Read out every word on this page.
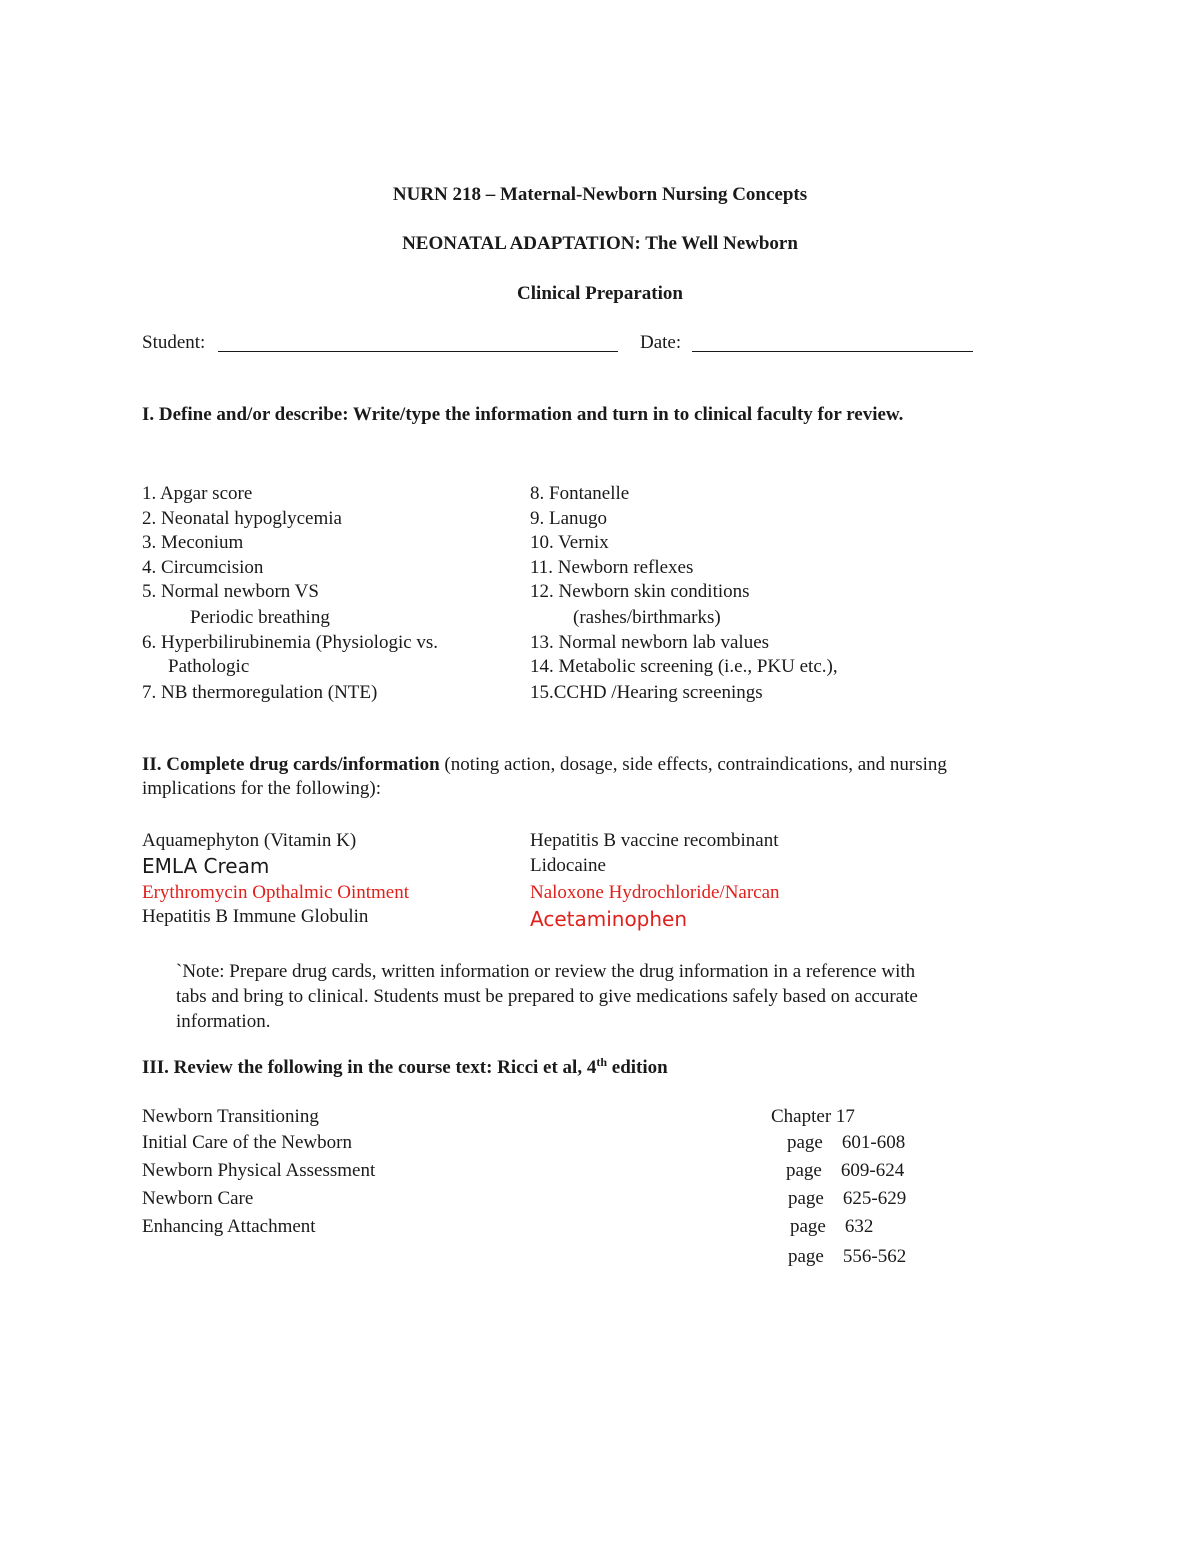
NURN 218 – Maternal-Newborn Nursing Concepts
NEONATAL ADAPTATION: The Well Newborn
Clinical Preparation
Student:	Date:
I. Define and/or describe: Write/type the information and turn in to clinical faculty for review.
1. Apgar score
2. Neonatal hypoglycemia
3. Meconium
4. Circumcision
5. Normal newborn VS
Periodic breathing
6. Hyperbilirubinemia (Physiologic vs.
Pathologic
7. NB thermoregulation (NTE)
8. Fontanelle
9. Lanugo
10. Vernix
11. Newborn reflexes
12. Newborn skin conditions
(rashes/birthmarks)
13. Normal newborn lab values
14. Metabolic screening (i.e., PKU etc.),
15.CCHD /Hearing screenings
II. Complete drug cards/information (noting action, dosage, side effects, contraindications, and nursing
implications for the following):
Aquamephyton (Vitamin K)
EMLA Cream
Erythromycin Opthalmic Ointment
Hepatitis B Immune Globulin
Hepatitis B vaccine recombinant
Lidocaine
Naloxone Hydrochloride/Narcan
Acetaminophen
`Note: Prepare drug cards, written information or review the drug information in a reference with
tabs and bring to clinical. Students must be prepared to give medications safely based on accurate
information.
III. Review the following in the course text: Ricci et al, 4th edition
Newborn Transitioning	Chapter 17
Initial Care of the Newborn	page    601-608
Newborn Physical Assessment	page    609-624
Newborn Care	page    625-629
Enhancing Attachment	page    632
page    556-562
